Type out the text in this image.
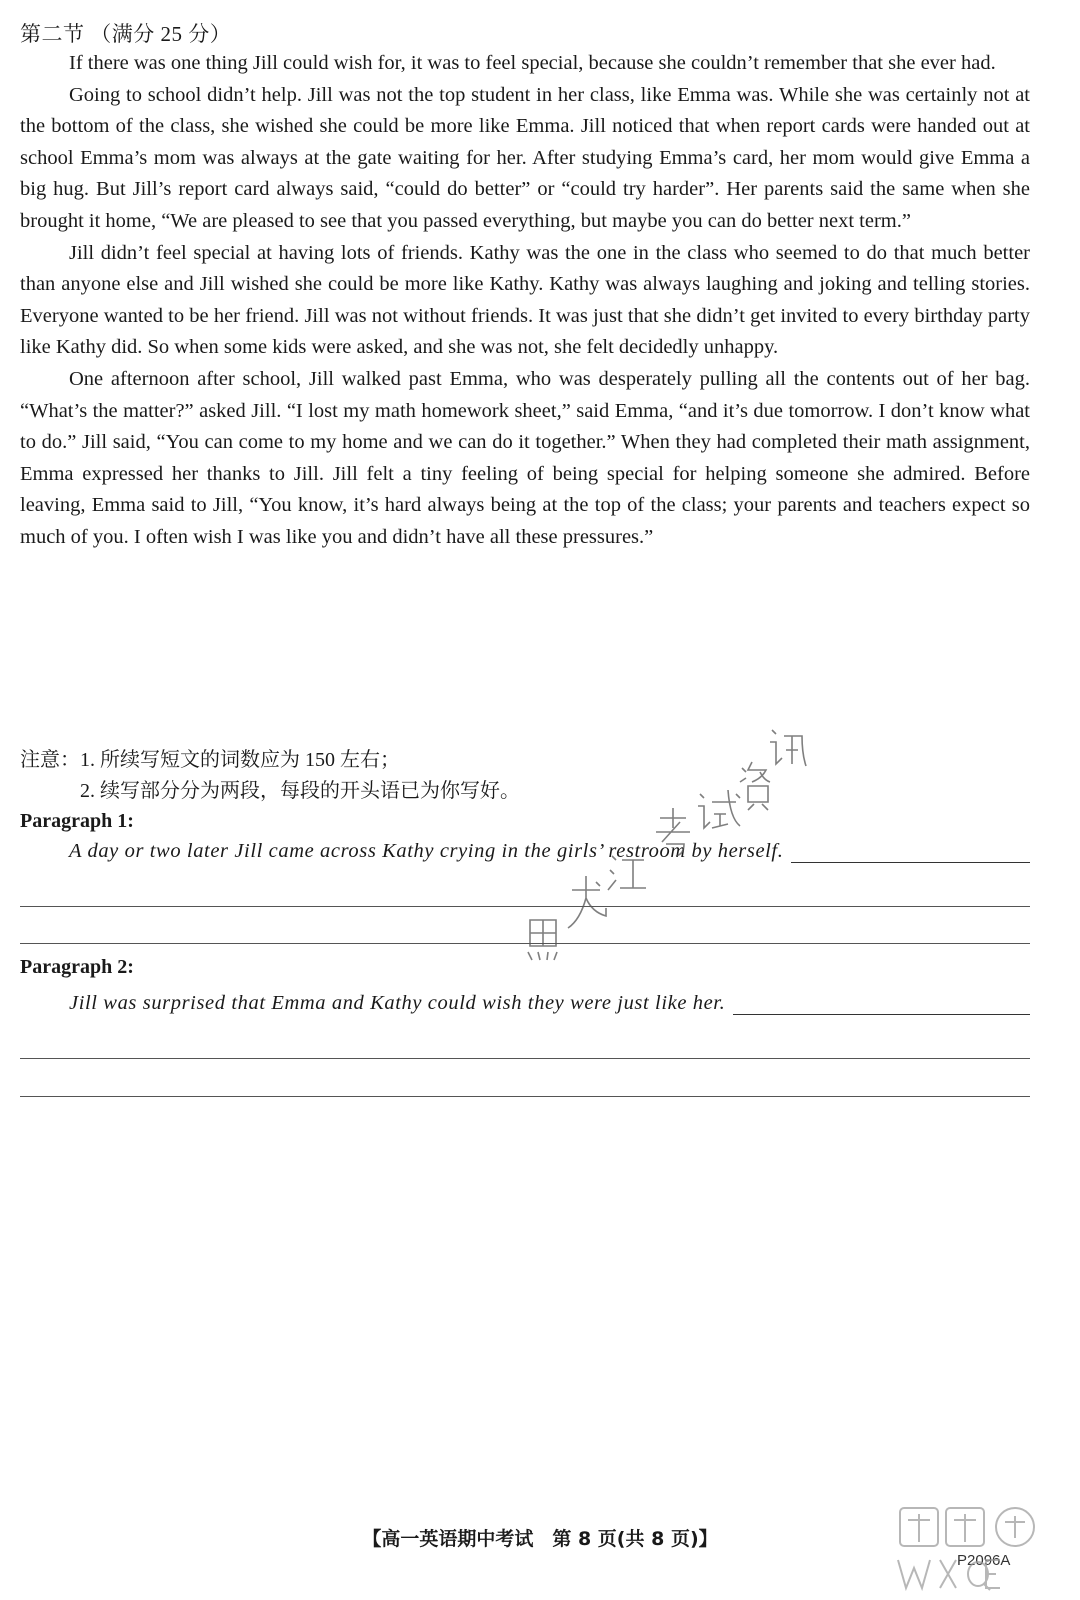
第二节 （满分 25 分）

If there was one thing Jill could wish for, it was to feel special, because she couldn’t remember that she ever had.

Going to school didn’t help. Jill was not the top student in her class, like Emma was. While she was certainly not at the bottom of the class, she wished she could be more like Emma. Jill noticed that when report cards were handed out at school Emma’s mom was always at the gate waiting for her. After studying Emma’s card, her mom would give Emma a big hug. But Jill’s report card always said, “could do better” or “could try harder”. Her parents said the same when she brought it home, “We are pleased to see that you passed everything, but maybe you can do better next term.”

Jill didn’t feel special at having lots of friends. Kathy was the one in the class who seemed to do that much better than anyone else and Jill wished she could be more like Kathy. Kathy was always laughing and joking and telling stories. Everyone wanted to be her friend. Jill was not without friends. It was just that she didn’t get invited to every birthday party like Kathy did. So when some kids were asked, and she was not, she felt decidedly unhappy.

One afternoon after school, Jill walked past Emma, who was desperately pulling all the contents out of her bag. “What’s the matter?” asked Jill. “I lost my math homework sheet,” said Emma, “and it’s due tomorrow. I don’t know what to do.” Jill said, “You can come to my home and we can do it together.” When they had completed their math assignment, Emma expressed her thanks to Jill. Jill felt a tiny feeling of being special for helping someone she admired. Before leaving, Emma said to Jill, “You know, it’s hard always being at the top of the class; your parents and teachers expect so much of you. I often wish I was like you and didn’t have all these pressures.”

注意：1. 所续写短文的词数应为 150 左右；
2. 续写部分分为两段，每段的开头语已为你写好。
Paragraph 1:
A day or two later Jill came across Kathy crying in the girls’ restroom by herself.
Paragraph 2:
Jill was surprised that Emma and Kathy could wish they were just like her.
【高一英语期中考试　第 8 页(共 8 页)】
P2096A
